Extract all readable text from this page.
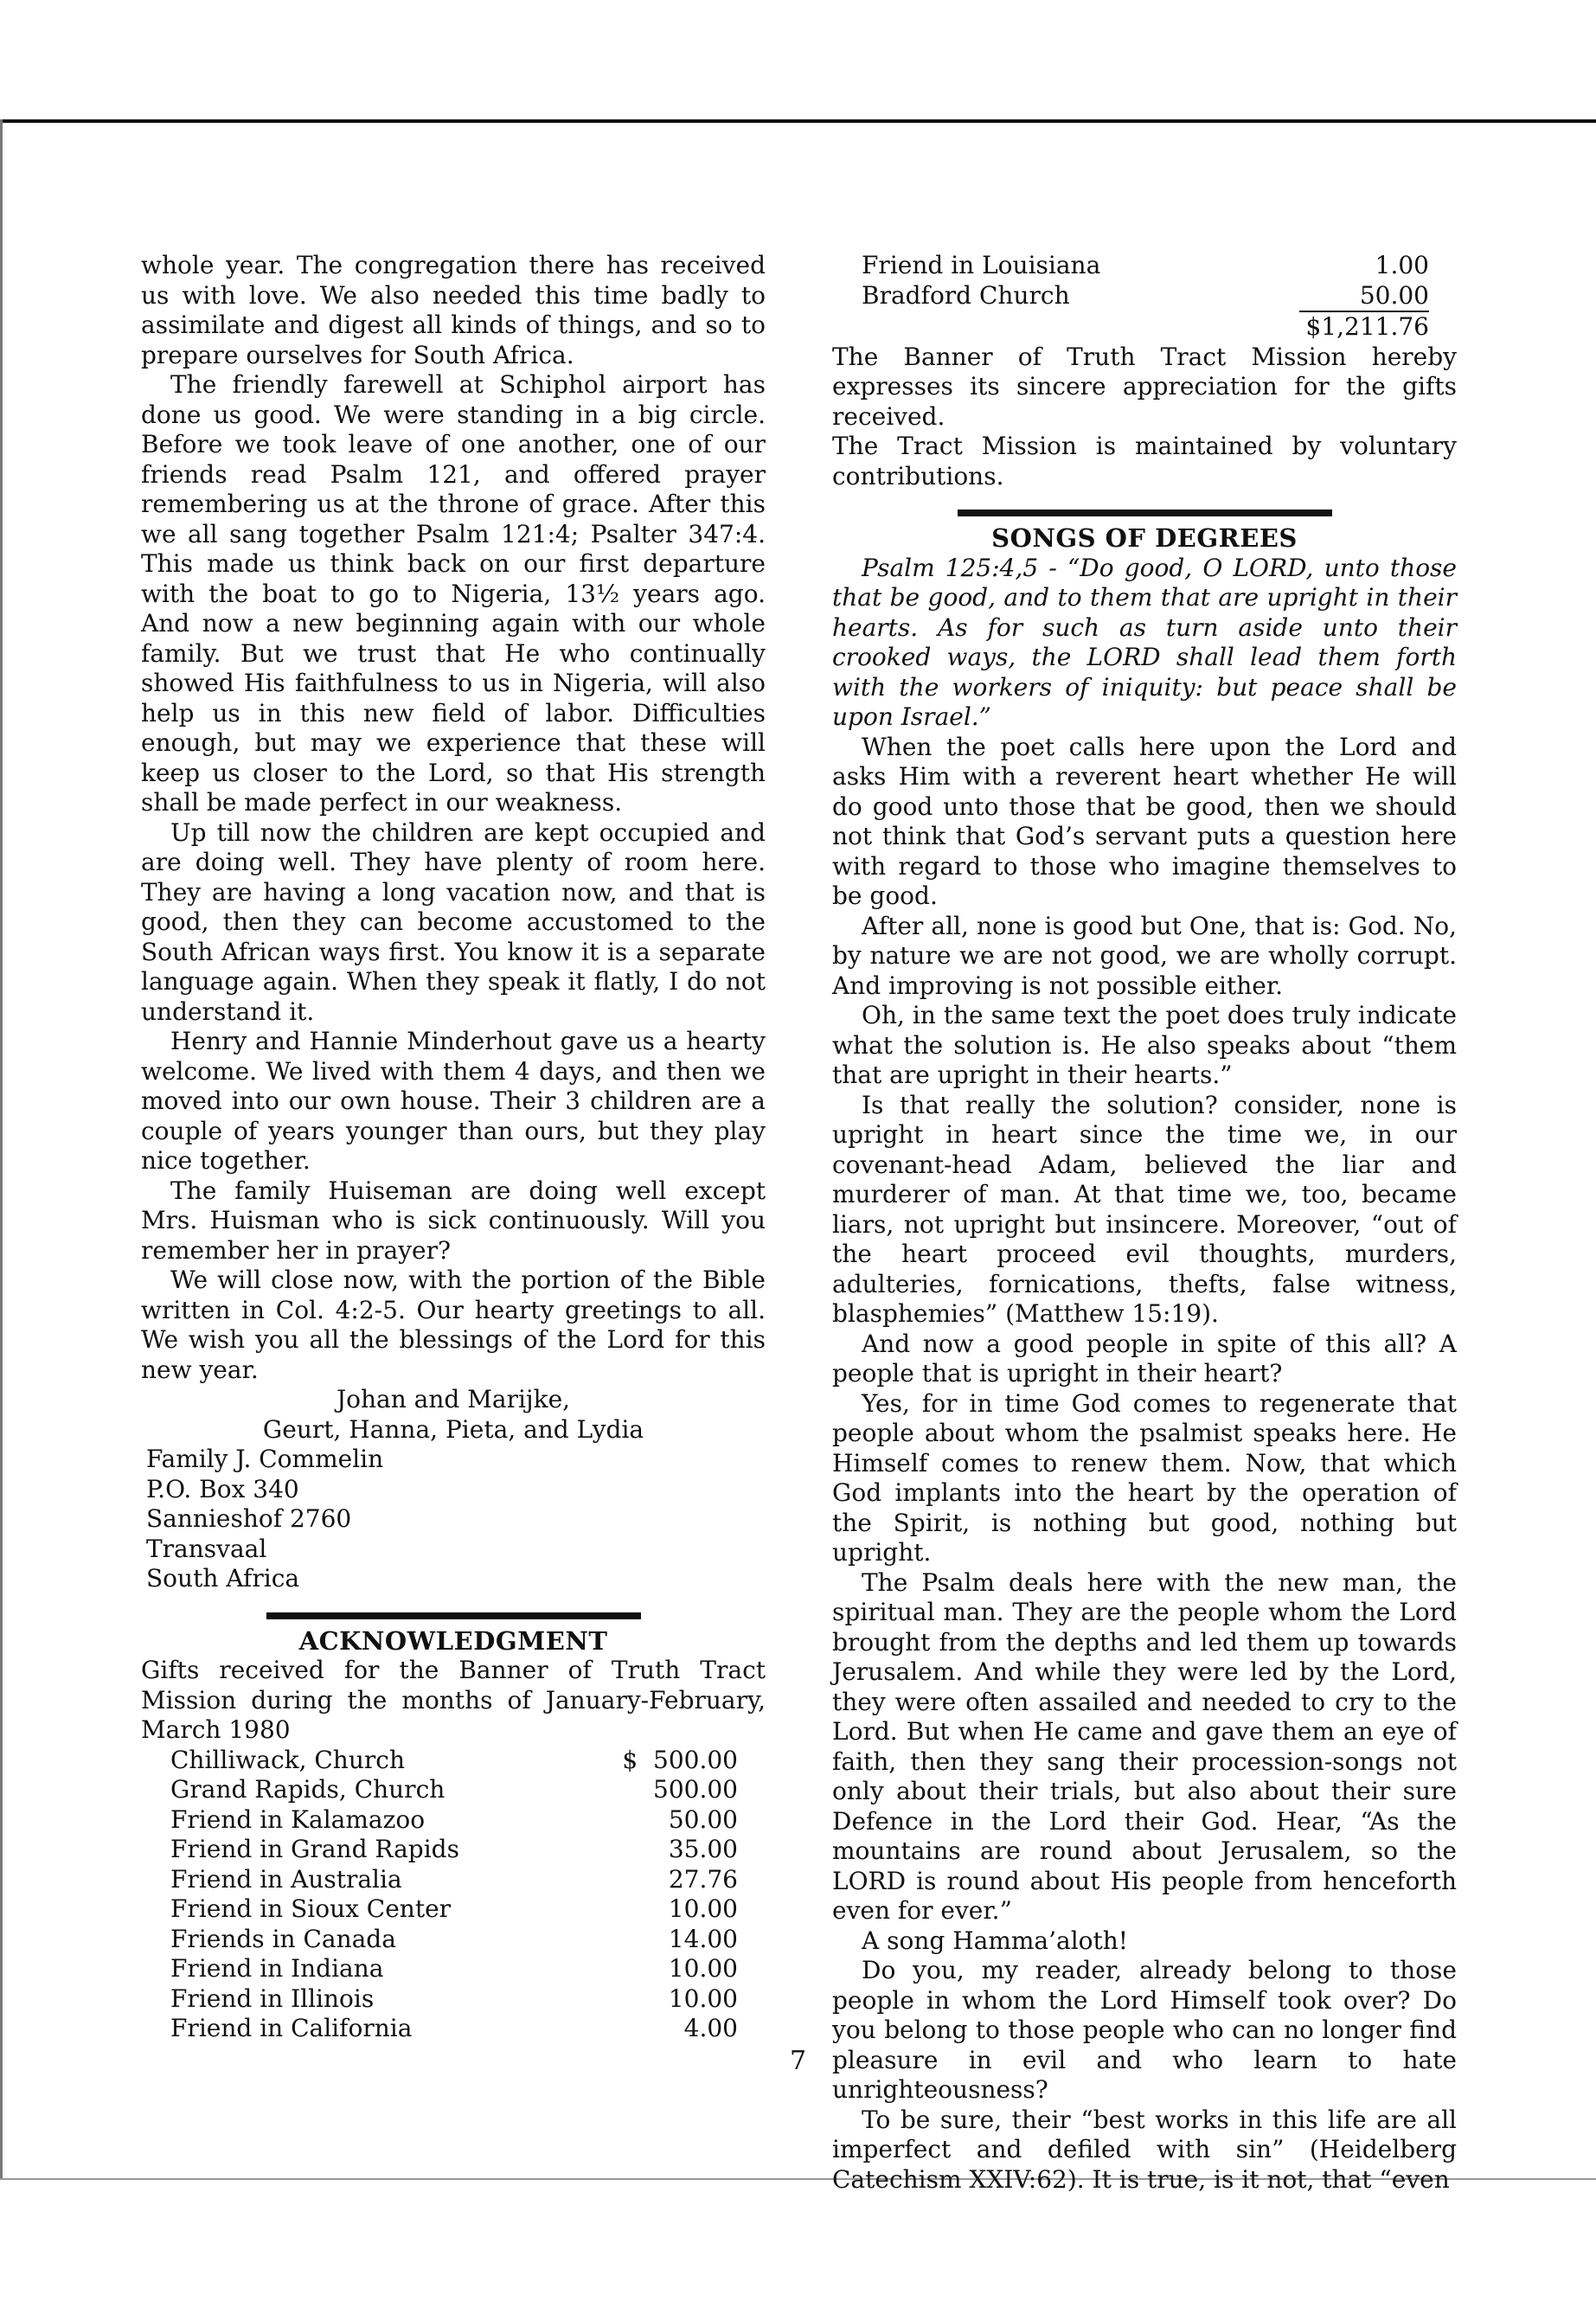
whole year. The congregation there has received us with love. We also needed this time badly to assimilate and digest all kinds of things, and so to prepare ourselves for South Africa.

The friendly farewell at Schiphol airport has done us good. We were standing in a big circle. Before we took leave of one another, one of our friends read Psalm 121, and offered prayer remembering us at the throne of grace. After this we all sang together Psalm 121:4; Psalter 347:4. This made us think back on our first departure with the boat to go to Nigeria, 13½ years ago. And now a new beginning again with our whole family. But we trust that He who continually showed His faithfulness to us in Nigeria, will also help us in this new field of labor. Difficulties enough, but may we experience that these will keep us closer to the Lord, so that His strength shall be made perfect in our weakness.

Up till now the children are kept occupied and are doing well. They have plenty of room here. They are having a long vacation now, and that is good, then they can become accustomed to the South African ways first. You know it is a separate language again. When they speak it flatly, I do not understand it.

Henry and Hannie Minderhout gave us a hearty welcome. We lived with them 4 days, and then we moved into our own house. Their 3 children are a couple of years younger than ours, but they play nice together.

The family Huiseman are doing well except Mrs. Huisman who is sick continuously. Will you remember her in prayer?

We will close now, with the portion of the Bible written in Col. 4:2-5. Our hearty greetings to all. We wish you all the blessings of the Lord for this new year.

Johan and Marijke,

Geurt, Hanna, Pieta, and Lydia

Family J. Commelin

P.O. Box 340

Sannieshof 2760

Transvaal

South Africa

ACKNOWLEDGMENT

Gifts received for the Banner of Truth Tract Mission during the months of January-February, March 1980

Chilliwack, Church	$  500.00
Grand Rapids, Church	500.00
Friend in Kalamazoo	50.00
Friend in Grand Rapids	35.00
Friend in Australia	27.76
Friend in Sioux Center	10.00
Friends in Canada	14.00
Friend in Indiana	10.00
Friend in Illinois	10.00
Friend in California	4.00
Friend in Louisiana	1.00
Bradford Church	50.00
$1,211.76

The Banner of Truth Tract Mission hereby expresses its sincere appreciation for the gifts received.

The Tract Mission is maintained by voluntary contributions.

SONGS OF DEGREES

Psalm 125:4,5 - “Do good, O LORD, unto those that be good, and to them that are upright in their hearts. As for such as turn aside unto their crooked ways, the LORD shall lead them forth with the workers of iniquity: but peace shall be upon Israel.”

When the poet calls here upon the Lord and asks Him with a reverent heart whether He will do good unto those that be good, then we should not think that God’s servant puts a question here with regard to those who imagine themselves to be good.

After all, none is good but One, that is: God. No, by nature we are not good, we are wholly corrupt. And improving is not possible either.

Oh, in the same text the poet does truly indicate what the solution is. He also speaks about “them that are upright in their hearts.”

Is that really the solution? consider, none is upright in heart since the time we, in our covenant-head Adam, believed the liar and murderer of man. At that time we, too, became liars, not upright but insincere. Moreover, “out of the heart proceed evil thoughts, murders, adulteries, fornications, thefts, false witness, blasphemies” (Matthew 15:19).

And now a good people in spite of this all? A people that is upright in their heart?

Yes, for in time God comes to regenerate that people about whom the psalmist speaks here. He Himself comes to renew them. Now, that which God implants into the heart by the operation of the Spirit, is nothing but good, nothing but upright.

The Psalm deals here with the new man, the spiritual man. They are the people whom the Lord brought from the depths and led them up towards Jerusalem. And while they were led by the Lord, they were often assailed and needed to cry to the Lord. But when He came and gave them an eye of faith, then they sang their procession-songs not only about their trials, but also about their sure Defence in the Lord their God. Hear, “As the mountains are round about Jerusalem, so the LORD is round about His people from henceforth even for ever.”

A song Hamma’aloth!

Do you, my reader, already belong to those people in whom the Lord Himself took over? Do you belong to those people who can no longer find pleasure in evil and who learn to hate unrighteousness?

To be sure, their “best works in this life are all imperfect and defiled with sin” (Heidelberg Catechism XXIV:62). It is true, is it not, that “even

7
